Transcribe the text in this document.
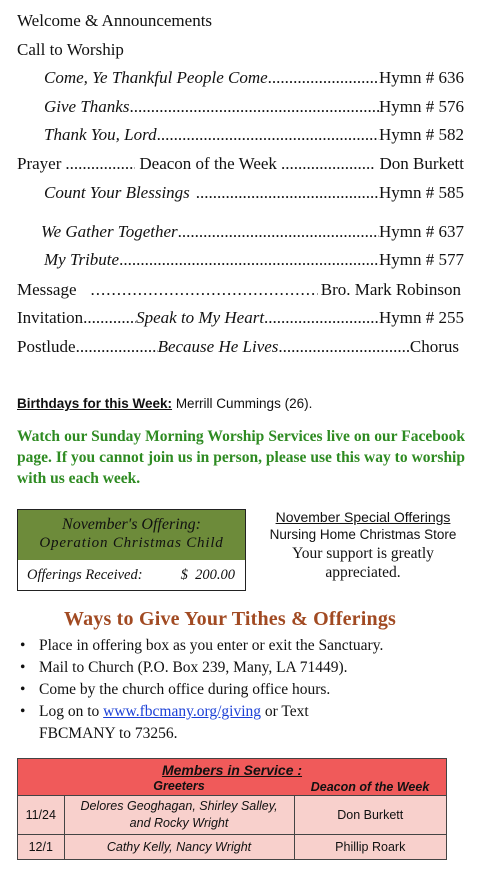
Welcome & Announcements
Call to Worship
Come, Ye Thankful People Come .....	Hymn # 636
Give Thanks .....	Hymn # 576
Thank You, Lord .....	Hymn # 582
Prayer .....	Deacon of the Week .....	Don Burkett
Count Your Blessings .....	Hymn # 585
We Gather Together .....	Hymn # 637
My Tribute .....	Hymn # 577
Message .....	Bro. Mark Robinson
Invitation .....	Speak to My Heart .....	Hymn # 255
Postlude .....	Because He Lives .....	Chorus
Birthdays for this Week: Merrill Cummings (26).
Watch our Sunday Morning Worship Services live on our Facebook page. If you cannot join us in person, please use this way to worship with us each week.
November's Offering:
Operation Christmas Child
Offerings Received:	$  200.00
November Special Offerings
Nursing Home Christmas Store
Your support is greatly
appreciated.
Ways to Give Your Tithes & Offerings
• Place in offering box as you enter or exit the Sanctuary.
• Mail to Church (P.O. Box 239, Many, LA 71449).
• Come by the church office during office hours.
• Log on to www.fbcmany.org/giving or Text
FBCMANY to 73256.
Members in Service :		
	Greeters	Deacon of the Week
11/24	Delores Geoghagan, Shirley Salley,
and Rocky Wright	Don Burkett
12/1	Cathy Kelly, Nancy Wright	Phillip Roark
